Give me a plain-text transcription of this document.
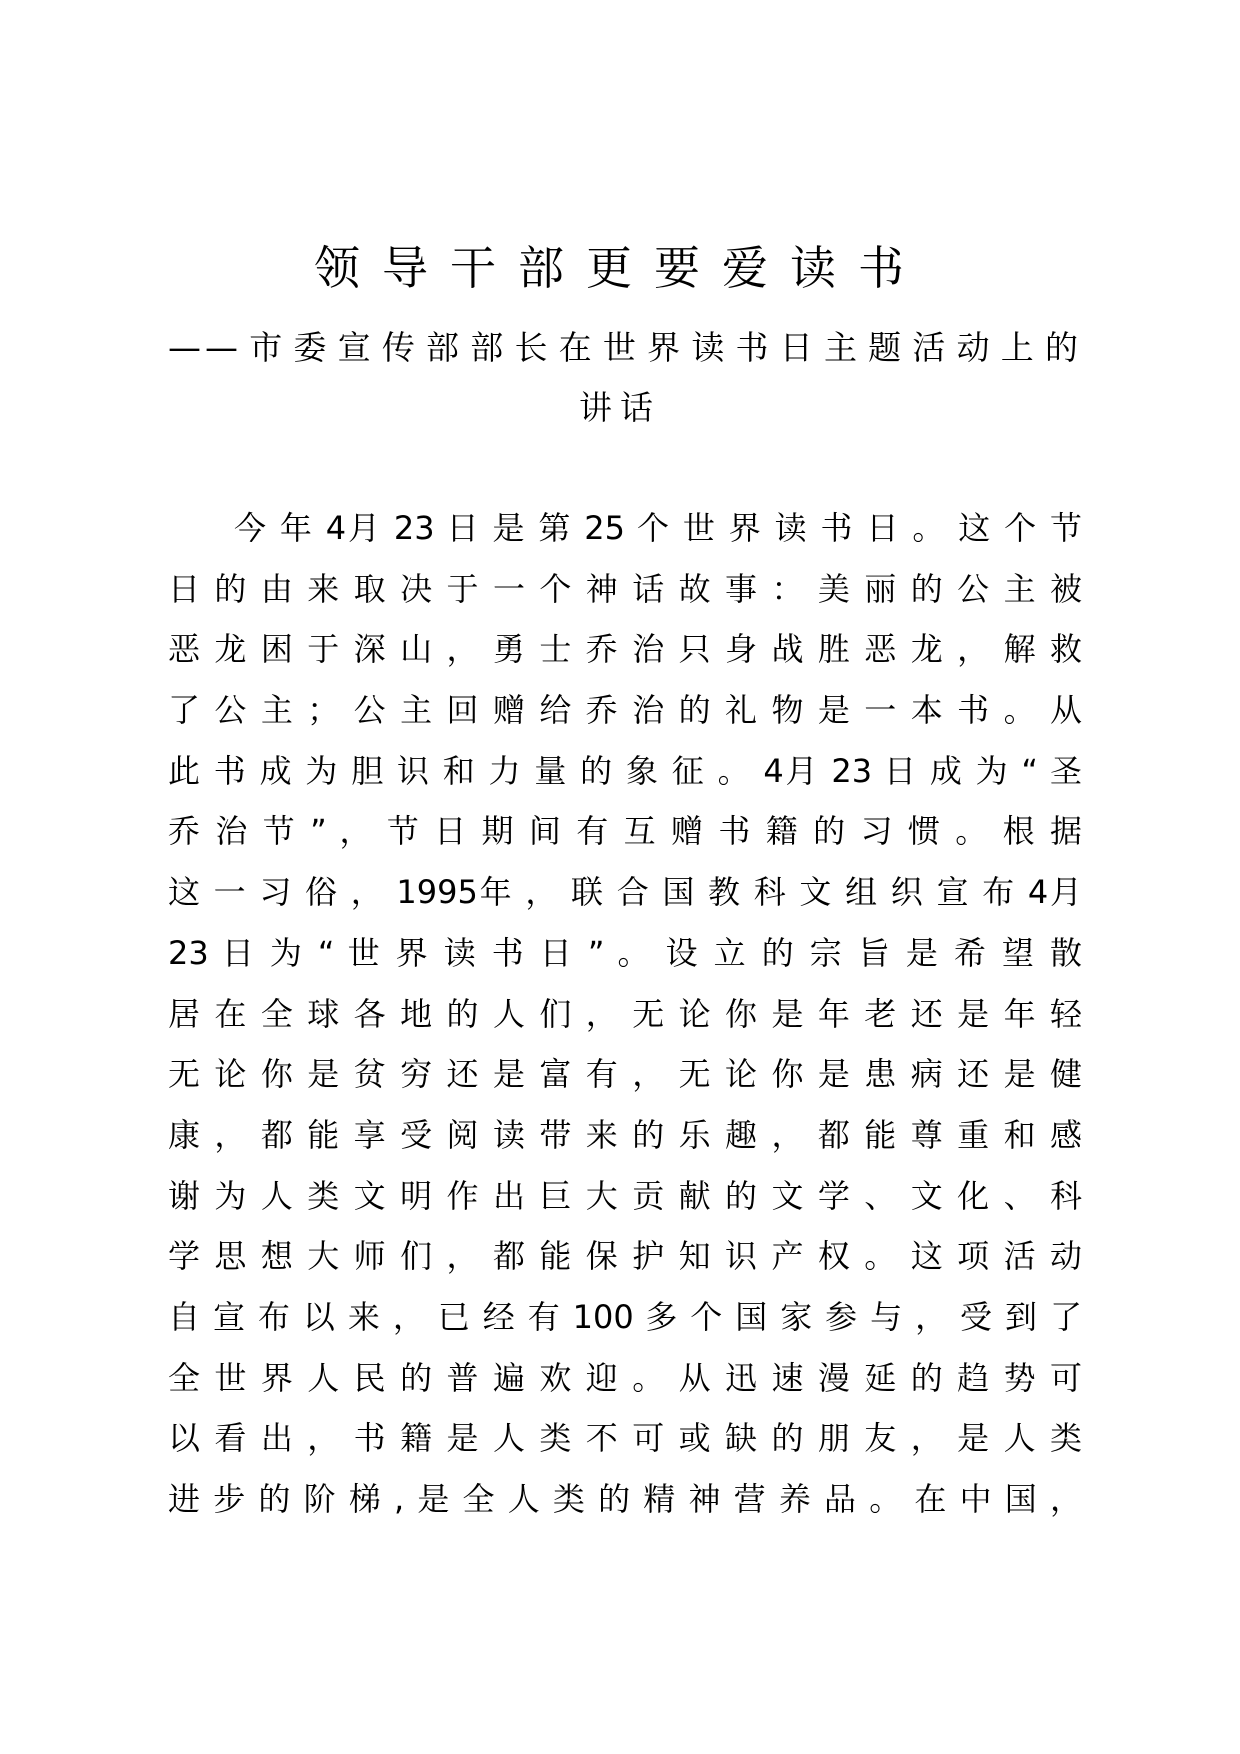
领导干部更要爱读书
——市委宣传部部长在世界读书日主题活动上的
讲话
今 年 4月 23 日 是 第 25 个 世 界 读 书 日 。 这 个 节
日的由来取决于一个神话故事：美丽的公主被
恶龙困于深山，勇士乔治只身战胜恶龙，解救
了公主；公主回赠给乔治的礼物是一本书。从
此 书 成 为 胆 识 和 力 量 的 象 征 。 4月 23 日 成 为 “ 圣
乔 治 节 ” ， 节 日 期 间 有 互 赠 书 籍 的 习 惯 。 根 据
这 一 习 俗 ， 1995年 ， 联 合 国 教 科 文 组 织 宣 布 4月
23 日 为 “ 世 界 读 书 日 ” 。 设 立 的 宗 旨 是 希 望 散
居在全球各地的人们，无论你是年老还是年轻
无论你是贫穷还是富有，无论你是患病还是健
康，都能享受阅读带来的乐趣，都能尊重和感
谢为人类文明作出巨大贡献的文学、文化、科
学思想大师们，都能保护知识产权。这项活动
自 宣 布 以 来 ， 已 经 有 100 多 个 国 家 参 与 ， 受 到 了
全世界人民的普遍欢迎。从迅速漫延的趋势可
以看出，书籍是人类不可或缺的朋友，是人类
进步的阶梯,是全人类的精神营养品。在中国，
